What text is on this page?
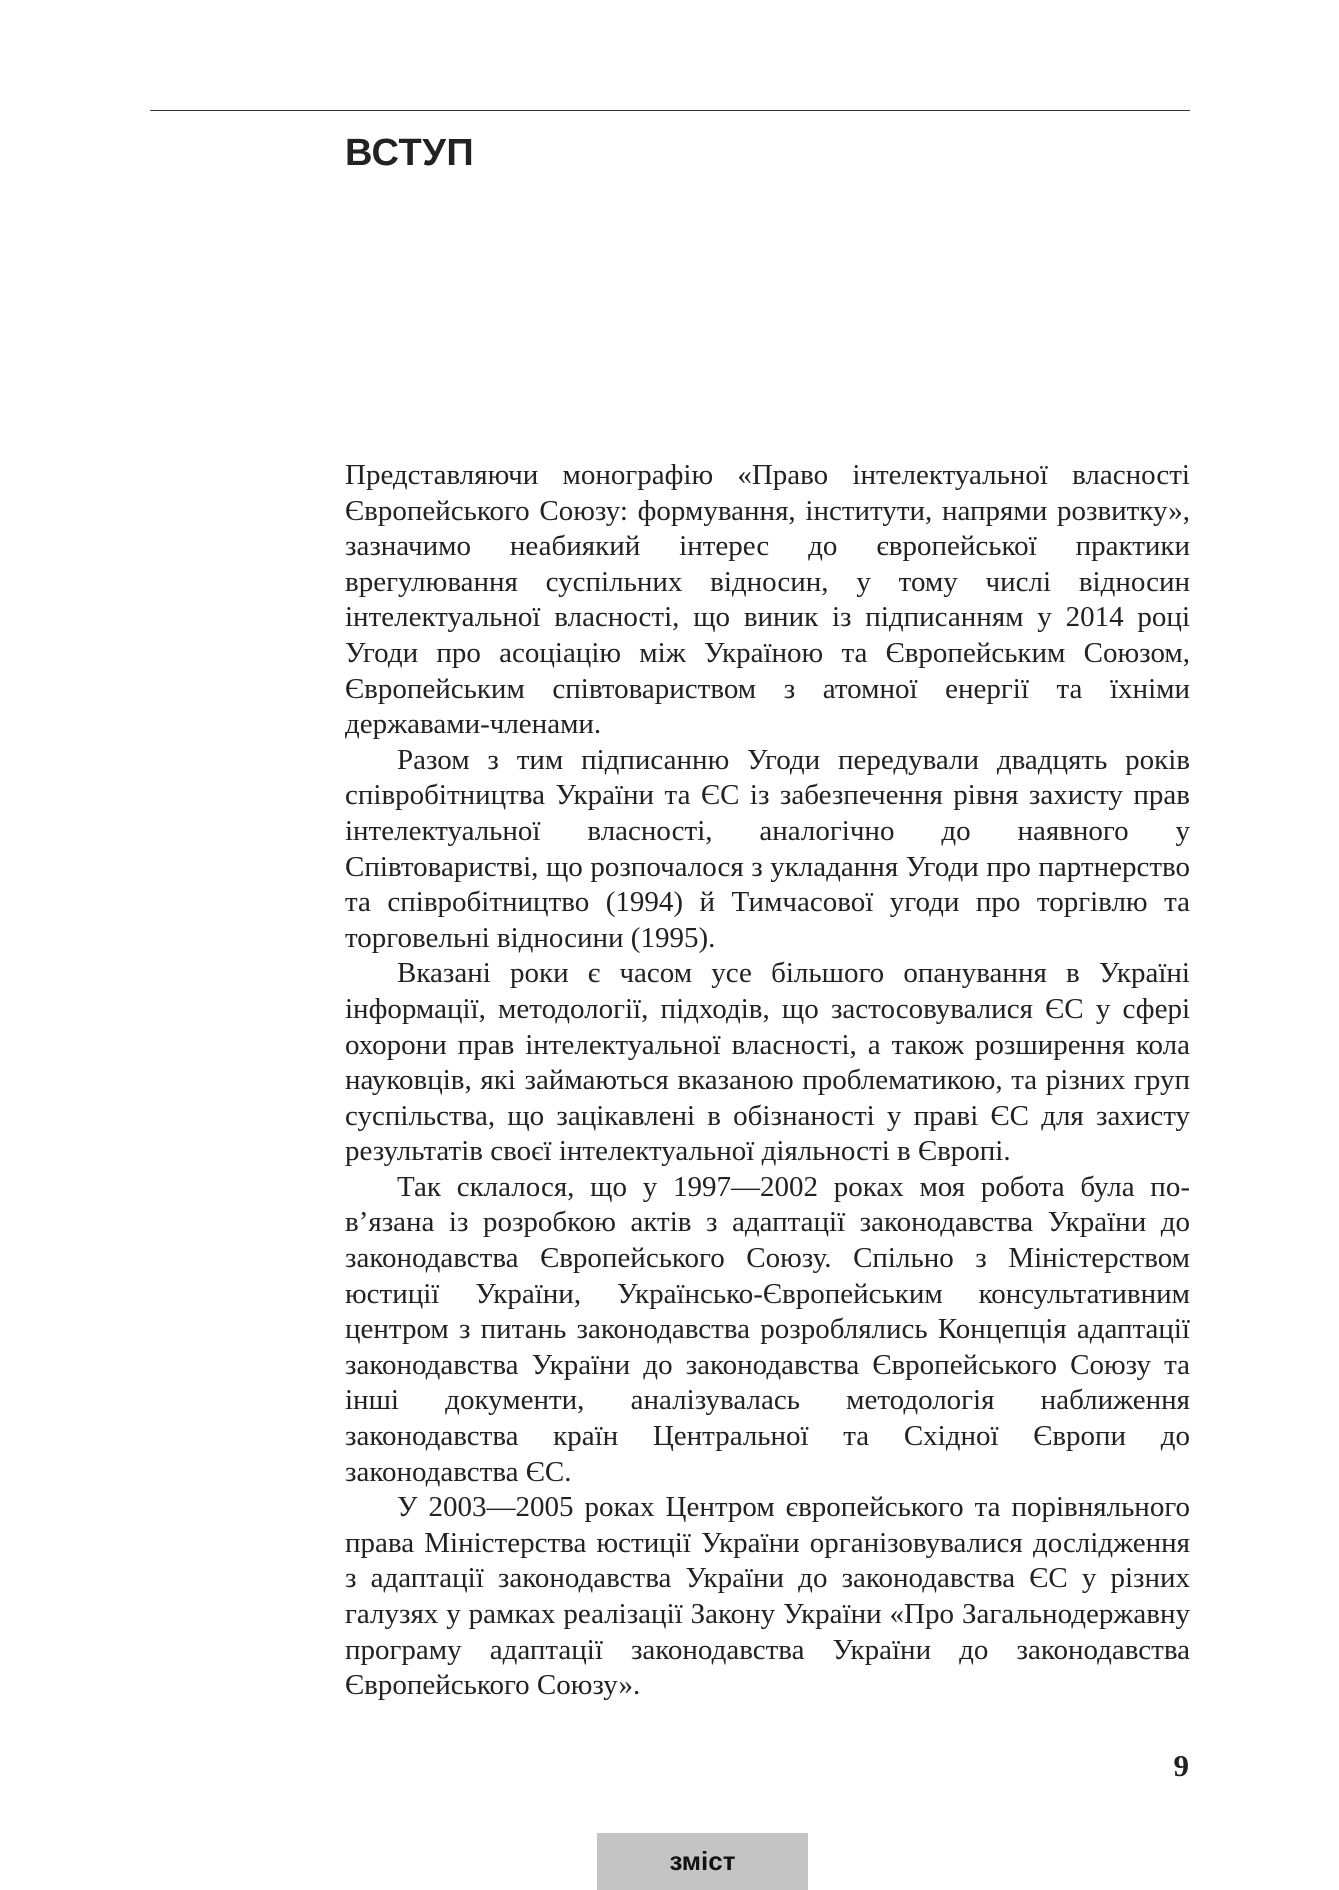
ВСТУП

Представляючи монографію «Право інтелектуальної власності Європейського Союзу: формування, інститути, напрями розвитку», зазначимо неабиякий інтерес до європейської практики врегулювання суспільних відносин, у тому числі відносин інтелектуальної власності, що виник із підписанням у 2014 році Угоди про асоціацію між Україною та Європейським Союзом, Європейським співтовариством з атомної енергії та їхніми державами-членами.

Разом з тим підписанню Угоди передували двадцять років співробітництва України та ЄС із забезпечення рівня захисту прав інтелектуальної власності, аналогічно до наявного у Співтоваристві, що розпочалося з укладання Угоди про партнерство та співробітництво (1994) й Тимчасової угоди про торгівлю та торговельні відносини (1995).

Вказані роки є часом усе більшого опанування в Україні інформації, методології, підходів, що застосовувалися ЄС у сфері охорони прав інтелектуальної власності, а також розширення кола науковців, які займаються вказаною проблематикою, та різних груп суспільства, що зацікавлені в обізнаності у праві ЄС для захисту результатів своєї інтелектуальної діяльності в Європі.

Так склалося, що у 1997—2002 роках моя робота була пов’язана із розробкою актів з адаптації законодавства України до законодавства Європейського Союзу. Спільно з Міністерством юстиції України, Українсько-Європейським консультативним центром з питань законодавства розроблялись Концепція адаптації законодавства України до законодавства Європейського Союзу та інші документи, аналізувалась методологія наближення законодавства країн Центральної та Східної Європи до законодавства ЄС.

У 2003—2005 роках Центром європейського та порівняльного права Міністерства юстиції України організовувалися дослідження з адаптації законодавства України до законодавства ЄС у різних галузях у рамках реалізації Закону України «Про Загальнодержавну програму адаптації законодавства України до законодавства Європейського Союзу».

9
зміст
